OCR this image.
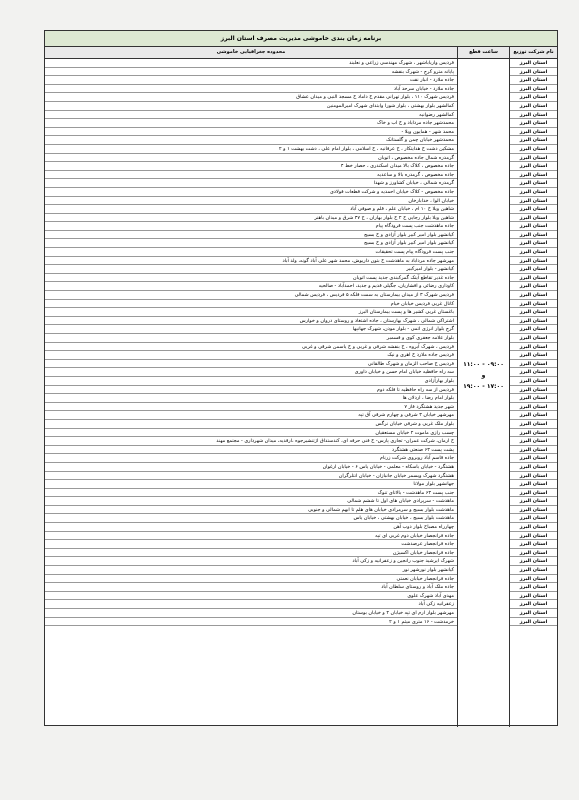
برنامه زمان بندی خاموشی مدیریت مصرف استان البرز
نام شرکت توزیع
ساعت قطع
محدوده جغرافیایی خاموشی
استان البرز
استان البرز
استان البرز
استان البرز
استان البرز
استان البرز
استان البرز
استان البرز
استان البرز
استان البرز
استان البرز
استان البرز
استان البرز
استان البرز
استان البرز
استان البرز
استان البرز
استان البرز
استان البرز
استان البرز
استان البرز
استان البرز
استان البرز
استان البرز
استان البرز
استان البرز
استان البرز
استان البرز
استان البرز
استان البرز
استان البرز
استان البرز
استان البرز
استان البرز
استان البرز
استان البرز
استان البرز
استان البرز
استان البرز
استان البرز
استان البرز
استان البرز
استان البرز
استان البرز
استان البرز
استان البرز
استان البرز
استان البرز
استان البرز
استان البرز
استان البرز
استان البرز
استان البرز
استان البرز
استان البرز
استان البرز
استان البرز
استان البرز
استان البرز
استان البرز
استان البرز
استان البرز
استان البرز
استان البرز
استان البرز
استان البرز
۰۹:۰۰ - ۱۱:۰۰
و
۱۷:۰۰ - ۱۹:۰۰
فردیس وارباباشهر ، شهرک مهندسی زراعی و نعلبند
پایانه مترو کرج - شهرک بنفشه
جاده ملارد - انبار نفت
جاده ملارد - خیابان سرحد آباد
فردیس شهرک ۱۱۰ ، بلوار تهرانی مقدم خ داماد خ مسجد النبی و میدان عشاق
کمالشهر بلوار بهشتی ، بلوار شورا وابتدای شهرک امیرالمومنین
کمالشهر رضوانیه
محمدشهر جاده مرداباد و خ اب و خاک
محمد شهر - همایون ویلا -
محمدشهر خیابان چمن و گلستانک
مشکین دشت خ هدایتکار ، خ عرفانیه ، خ اسلامی ، بلوار امام علی ، دشت بهشت ۱ و ۲
گرمدره شمال جاده مخصوص ، اتوبان
جاده مخصوص ، کلاک بالا میدان اسکندری ، حصار خط ۴
جاده مخصوص ، گرمدره بالا و ساعدیه
گرمدره شمالی ، خیابان کشاورز و شهدا
جاده مخصوص - کلاک خیابان احمدیه و شرکت قطعات فولادی
خیابان الوا ، خدابارخان
شاهین ویلا خ ۱۰ ام ، خیابان علم ، قلم و صوفی آباد
شاهین ویلا بلوار رجایی خ ۲ خ بلوار بهاران ، خ ۴۷ شرق و میدان باهنر
جاده ماهدشت جنب پست فرودگاه پیام
کیانشهر بلوار امیر کبیر بلوار آزادی و خ بسیج
کیانشهر بلوار امیر کبیر بلوار آزادی و خ بسیج
جنب پست فرودگاه پیام پست تحقیقات
مهرشهر جاده مرداباد به ماهدشت خ بتون داریوش، محمد شهر علی آباد گونه، ولد آباد
کیانشهر - بلوار امیرکبیر
جاده غدیر تقاطع آیتک گمرکبندی جدید پست اتوبان
کاوداری رضائی و افشاریان، جگیلی قدیم و جدید، احمدآباد - صالحیه
فردیس شهرک ۳ از میدان بیمارستان به سمت فلکه ۵ فردیس ، فردیس شمالی
کانال غربی فردیس خیابان خیام
باغستان غربی کشیر ها و پست بیمارستان البرز
اشتراکی شمالی ، شهرک بهارستان ، جاده اشتغاد و روستای دروان و خوارس
گرج بلوار انرژی اتمی - بلوار موذن، شهرک جهانپها
بلوار علامه جعفری کوی و فسمبر
فردیس ، شهرک آبروه ، خ بنفشه شرقی و غربی و خ یاسمن شرقی و غربی
فردیس جاده ملارد خ اهری و نیک
فردیس خ صاحب الزمان و شهرک طالقانی
سه راه حافظیه خیابان امام حسن و خیابان داوری
بلوار بهارآزادی
فردیس از سه راه حافظیه تا فلکه دوم
بلوار امام رضا ، اردلان ها
شهر جدید هشتگرد فاز ۷
مهرشهر خیابان ۳ شرقی و چهارم شرقی آق تپه
بلوار ملک غربی و شرقی خیابان نرگس
چسب رازی ماموت ۲ خیابان مستعقیان
خ ارمان، شرکت عمران- تجاری پارس- خ فنی حرفه ای، کندستداق اژتنشیرجوه ،ارقدیه، میدان شهرداری - مجتمع مهند
پشت پست ۶۳ صنعتی هشتگرد
جاده قاسم آباد روبروی شرکت زرنام
هشتگرد - خیابان باسکاه - معلمی - خیابان یاس ۶ - خیابان ارغوان
هشتگرد شهرک ویسمر خیابان جانبازان - خیابان انتلرگران
جهانشهر بلوار مولانا
جنب پست ۶۳ ماهدشت - بالاتای تنوک
ماهدشت - سرپرادی خیابان های اول تا ششم شمالی
ماهدشت بلوار بسیج و سرمرادی خیابان های هلم تا ابهم شمالی و جنوبی
ماهدشت بلوار بسیج ، خیابان بهشتی ، خیابان یاس
چهارراه مصباح بلوار ذوب آهن
جاده فرانجصار خیابان دوم غربی ای تپه
جاده فرانجصار عرصدشت
جاده فرانجصار خیابان اکسیژن
شهرک ایرشید جنوب رانجین و زعفرانیه و زکی آباد
کیانشهر بلوار نورشهر نور
جاده فرانجصار خیابان نعمتی
جاده ملک آباد و روستای سلطان آباد
مهدی آباد شهرک علوی
زعفرانیه زکی آباد
مهرشهر بلوار ارم ای تپه خیابان ۴ و خیابان بوستان
خرمدشت - ۱۶ متری میثم ۱ و ۲
